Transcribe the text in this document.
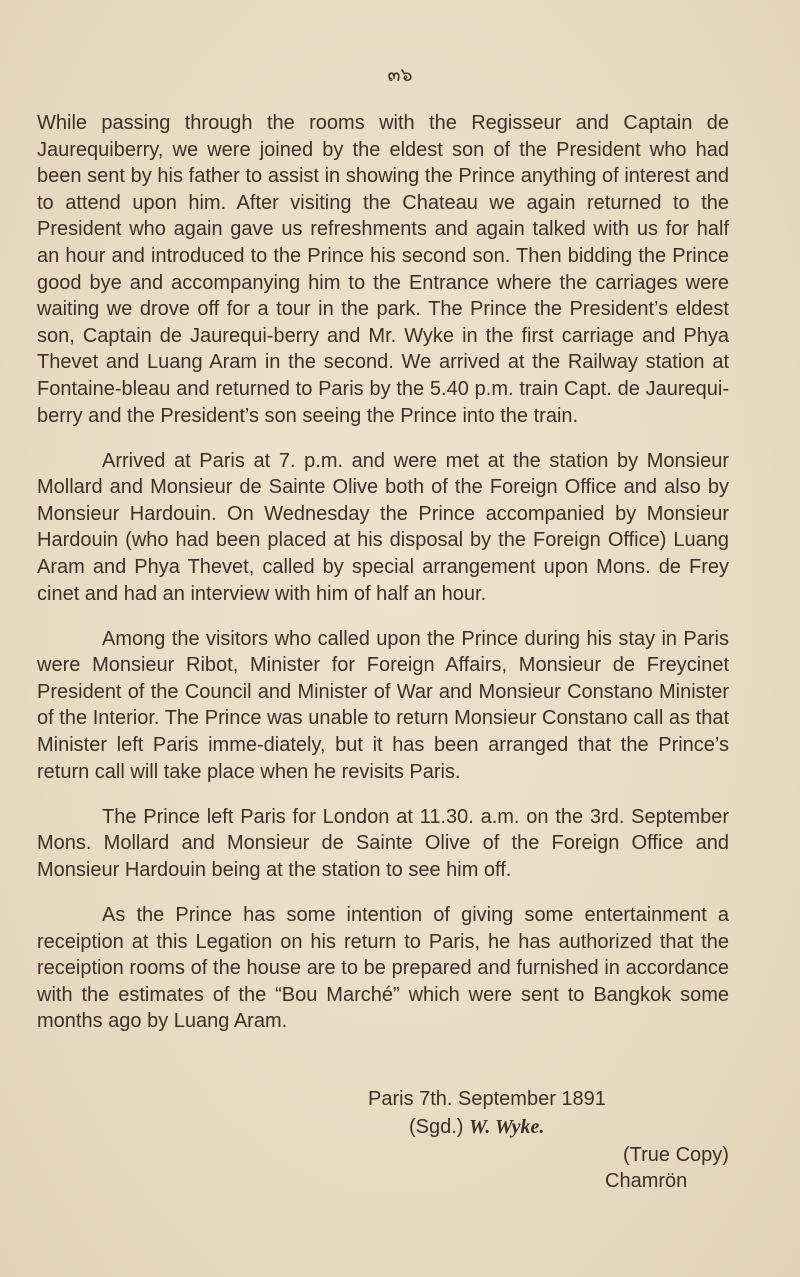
๓๖

While passing through the rooms with the Regisseur and Captain de Jaurequiberry, we were joined by the eldest son of the President who had been sent by his father to assist in showing the Prince anything of interest and to attend upon him. After visiting the Chateau we again returned to the President who again gave us refreshments and again talked with us for half an hour and introduced to the Prince his second son. Then bidding the Prince good bye and accompanying him to the Entrance where the carriages were waiting we drove off for a tour in the park. The Prince the President’s eldest son, Captain de Jaurequi-berry and Mr. Wyke in the first carriage and Phya Thevet and Luang Aram in the second. We arrived at the Railway station at Fontaine-bleau and returned to Paris by the 5.40 p.m. train Capt. de Jaurequi-berry and the President’s son seeing the Prince into the train.

Arrived at Paris at 7. p.m. and were met at the station by Monsieur Mollard and Monsieur de Sainte Olive both of the Foreign Office and also by Monsieur Hardouin. On Wednesday the Prince accompanied by Monsieur Hardouin (who had been placed at his disposal by the Foreign Office) Luang Aram and Phya Thevet, called by special arrangement upon Mons. de Frey cinet and had an interview with him of half an hour.

Among the visitors who called upon the Prince during his stay in Paris were Monsieur Ribot, Minister for Foreign Affairs, Monsieur de Freycinet President of the Council and Minister of War and Monsieur Constano Minister of the Interior. The Prince was unable to return Monsieur Constano call as that Minister left Paris imme-diately, but it has been arranged that the Prince’s return call will take place when he revisits Paris.

The Prince left Paris for London at 11.30. a.m. on the 3rd. September Mons. Mollard and Monsieur de Sainte Olive of the Foreign Office and Monsieur Hardouin being at the station to see him off.

As the Prince has some intention of giving some entertainment a receiption at this Legation on his return to Paris, he has authorized that the receiption rooms of the house are to be prepared and furnished in accordance with the estimates of the “Bou Marché” which were sent to Bangkok some months ago by Luang Aram.

Paris 7th. September 1891
(Sgd.) W. Wyke.
(True Copy)
Chamrön
